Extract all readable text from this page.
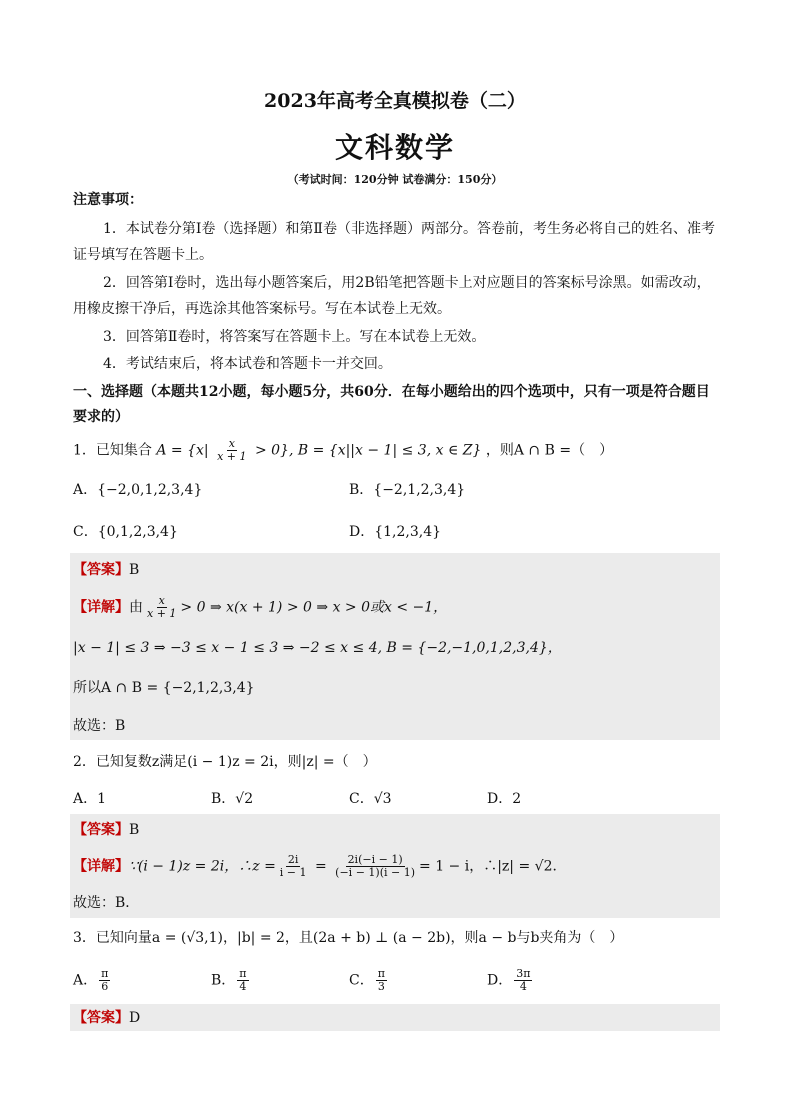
2023年高考全真模拟卷（二）
文科数学
（考试时间：120分钟 试卷满分：150分）
注意事项：
1．本试卷分第Ⅰ卷（选择题）和第Ⅱ卷（非选择题）两部分。答卷前，考生务必将自己的姓名、准考
证号填写在答题卡上。
2．回答第Ⅰ卷时，选出每小题答案后，用2B铅笔把答题卡上对应题目的答案标号涂黑。如需改动，
用橡皮擦干净后，再选涂其他答案标号。写在本试卷上无效。
3．回答第Ⅱ卷时，将答案写在答题卡上。写在本试卷上无效。
4．考试结束后，将本试卷和答题卡一并交回。
一、选择题（本题共12小题，每小题5分，共60分．在每小题给出的四个选项中，只有一项是符合题目
要求的）
1．已知集合 $A = \{x| \frac{x}{x + 1} > 0\}$, B = {x||x − 1| ≤ 3, x ∈ Z} ，则A ∩ B =（　）
A．{−2,0,1,2,3,4}	B．{−2,1,2,3,4}
C．{0,1,2,3,4}	D．{1,2,3,4}
【答案】B
【详解】由 $\frac{x}{x + 1} > 0$ ⇒ x(x + 1) > 0 ⇒ x > 0或x < −1，
|x − 1| ≤ 3 ⇒ −3 ≤ x − 1 ≤ 3 ⇒ −2 ≤ x ≤ 4, B = {−2,−1,0,1,2,3,4}，
所以A ∩ B = {−2,1,2,3,4}
故选：B
2．已知复数z满足(i − 1)z = 2i，则|z| =（　）
A．1	B．√2	C．√3	D．2
【答案】B
【详解】∵(i − 1)z = 2i，∴z = $\frac{2i}{i - 1} = \frac{2i(-i - 1)}{(-i - 1)(i - 1)} = 1 - i$，∴|z| = √2．
故选：B．
3．已知向量a = (√3,1)，|b| = 2，且(2a + b) ⊥ (a − 2b)，则a − b与b夹角为（　）
A． $\frac{\pi}{6}$	B． $\frac{\pi}{4}$	C． $\frac{\pi}{3}$	D． $\frac{3\pi}{4}$
【答案】D
